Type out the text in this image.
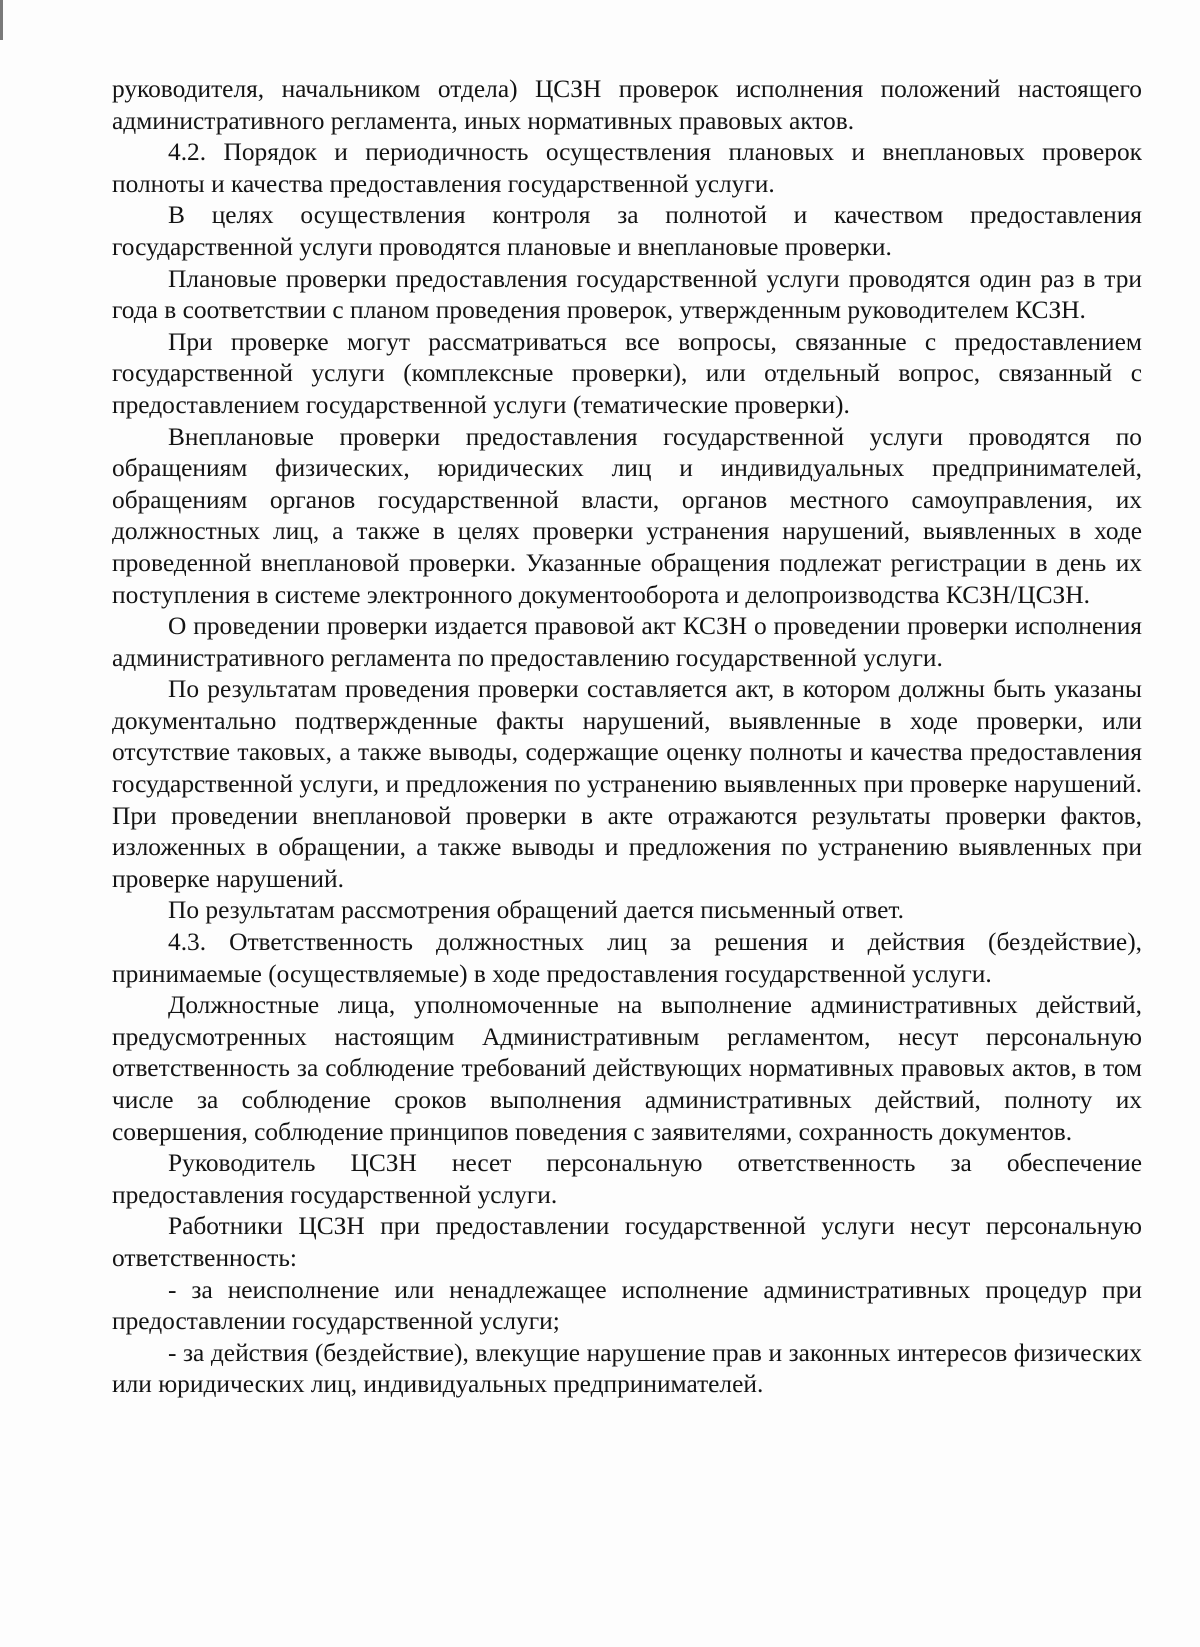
руководителя, начальником отдела) ЦСЗН проверок исполнения положений настоящего административного регламента, иных нормативных правовых актов.

4.2. Порядок и периодичность осуществления плановых и внеплановых проверок полноты и качества предоставления государственной услуги.

В целях осуществления контроля за полнотой и качеством предоставления государственной услуги проводятся плановые и внеплановые проверки.

Плановые проверки предоставления государственной услуги проводятся один раз в три года в соответствии с планом проведения проверок, утвержденным руководителем КСЗН.

При проверке могут рассматриваться все вопросы, связанные с предоставлением государственной услуги (комплексные проверки), или отдельный вопрос, связанный с предоставлением государственной услуги (тематические проверки).

Внеплановые проверки предоставления государственной услуги проводятся по обращениям физических, юридических лиц и индивидуальных предпринимателей, обращениям органов государственной власти, органов местного самоуправления, их должностных лиц, а также в целях проверки устранения нарушений, выявленных в ходе проведенной внеплановой проверки. Указанные обращения подлежат регистрации в день их поступления в системе электронного документооборота и делопроизводства КСЗН/ЦСЗН.

О проведении проверки издается правовой акт КСЗН о проведении проверки исполнения административного регламента по предоставлению государственной услуги.

По результатам проведения проверки составляется акт, в котором должны быть указаны документально подтвержденные факты нарушений, выявленные в ходе проверки, или отсутствие таковых, а также выводы, содержащие оценку полноты и качества предоставления государственной услуги, и предложения по устранению выявленных при проверке нарушений. При проведении внеплановой проверки в акте отражаются результаты проверки фактов, изложенных в обращении, а также выводы и предложения по устранению выявленных при проверке нарушений.

По результатам рассмотрения обращений дается письменный ответ.

4.3. Ответственность должностных лиц за решения и действия (бездействие), принимаемые (осуществляемые) в ходе предоставления государственной услуги.

Должностные лица, уполномоченные на выполнение административных действий, предусмотренных настоящим Административным регламентом, несут персональную ответственность за соблюдение требований действующих нормативных правовых актов, в том числе за соблюдение сроков выполнения административных действий, полноту их совершения, соблюдение принципов поведения с заявителями, сохранность документов.

Руководитель ЦСЗН несет персональную ответственность за обеспечение предоставления государственной услуги.

Работники ЦСЗН при предоставлении государственной услуги несут персональную ответственность:

- за неисполнение или ненадлежащее исполнение административных процедур при предоставлении государственной услуги;

- за действия (бездействие), влекущие нарушение прав и законных интересов физических или юридических лиц, индивидуальных предпринимателей.
